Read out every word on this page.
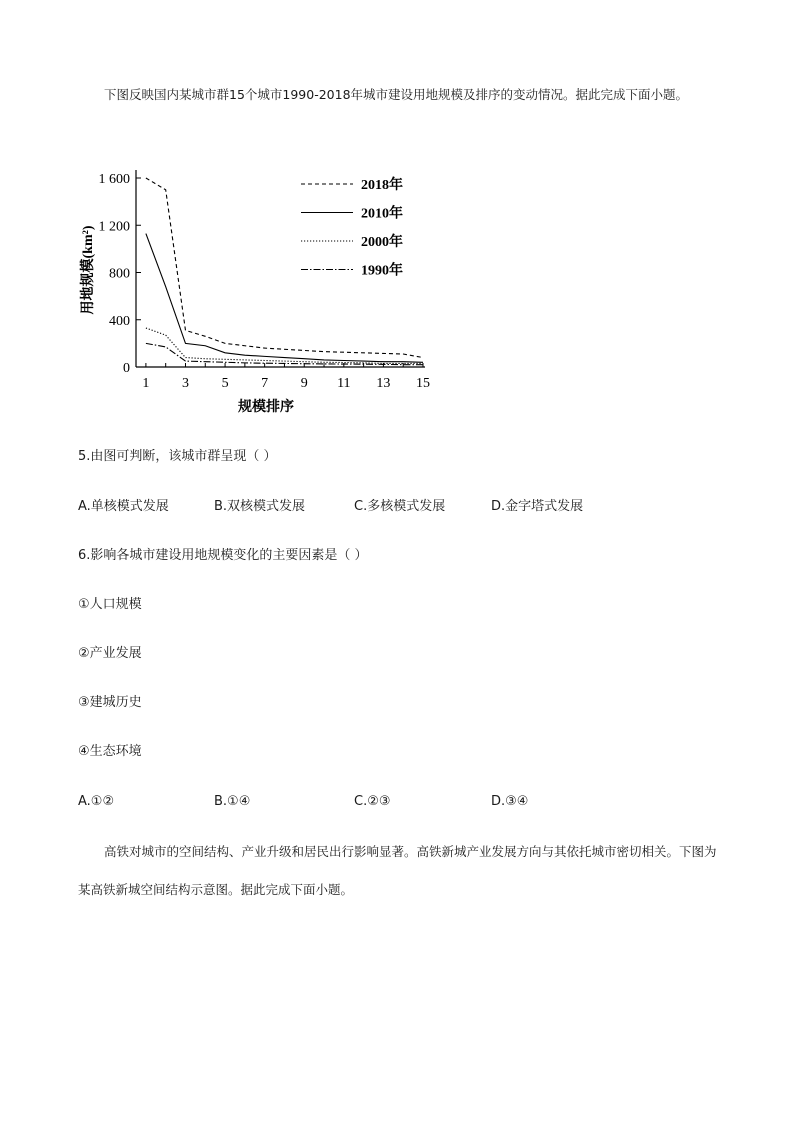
下图反映国内某城市群15个城市1990-2018年城市建设用地规模及排序的变动情况。据此完成下面小题。
0
400
800
1 200
1 600
1 3 5 7 9 11 13 15
2018年
2010年
2000年
1990年
用地规模(km²)
规模排序
5.由图可判断，该城市群呈现（ ）
A.单核模式发展	B.双核模式发展	C.多核模式发展	D.金字塔式发展
6.影响各城市建设用地规模变化的主要因素是（ ）
①人口规模
②产业发展
③建城历史
④生态环境
A.①②	B.①④	C.②③	D.③④
高铁对城市的空间结构、产业升级和居民出行影响显著。高铁新城产业发展方向与其依托城市密切相关。下图为某高铁新城空间结构示意图。据此完成下面小题。
